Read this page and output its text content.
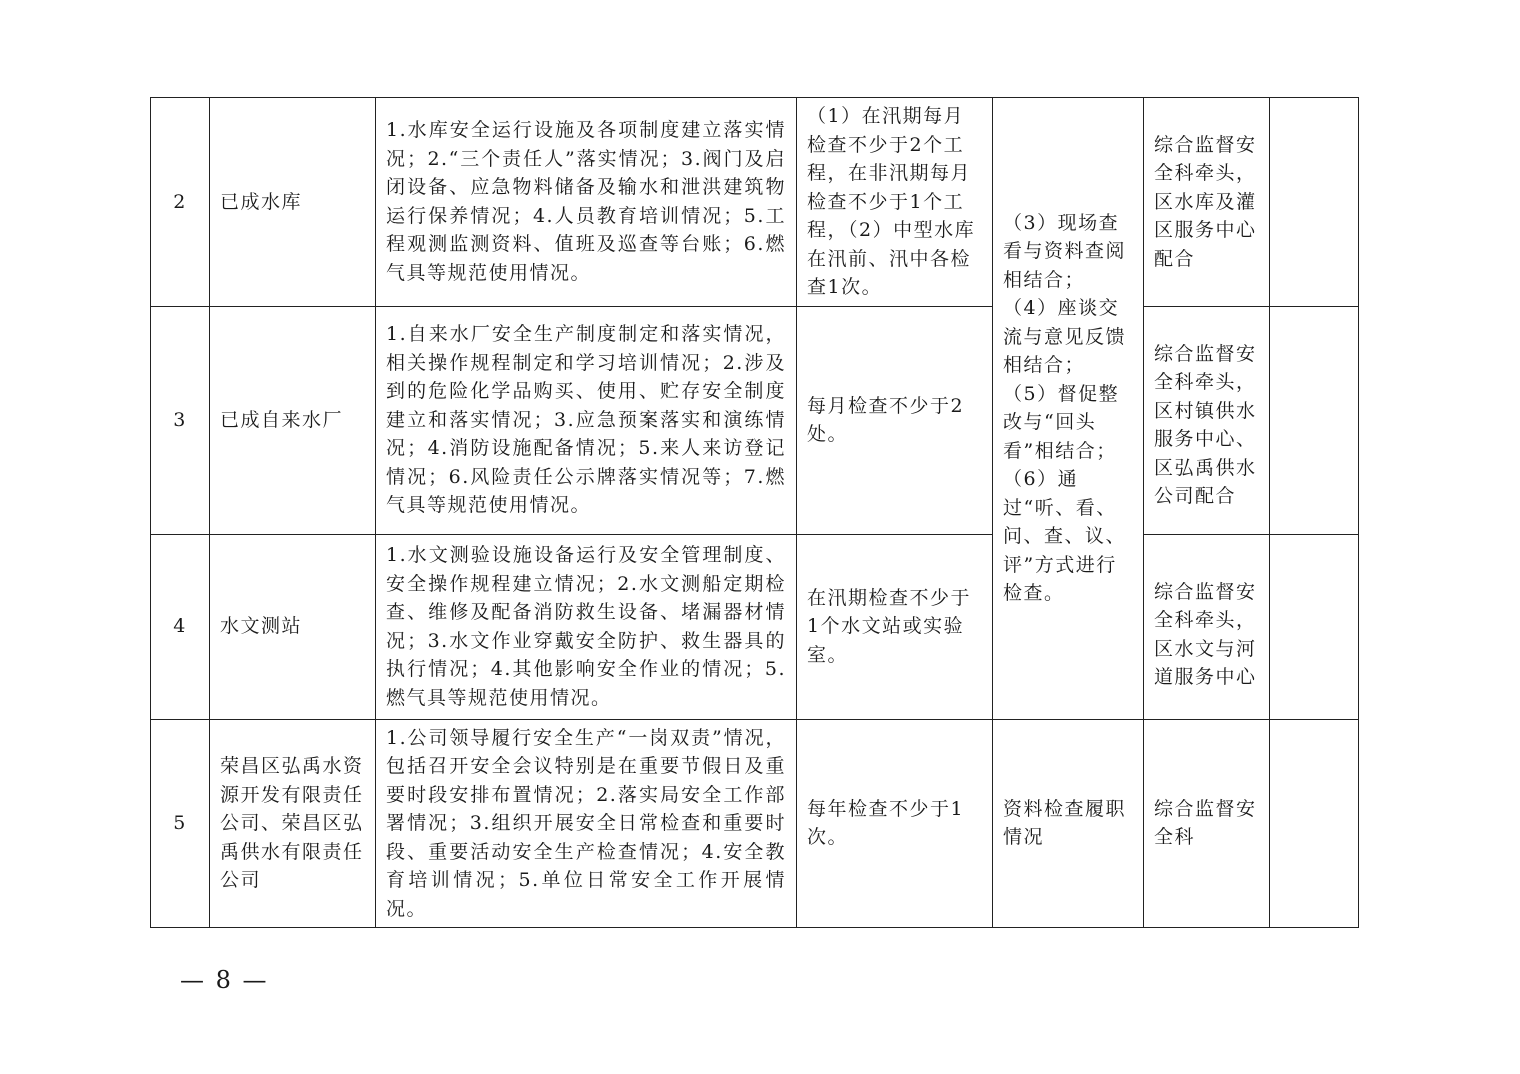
2	已成水库	1.水库安全运行设施及各项制度建立落实情况；2.“三个责任人”落实情况；3.阀门及启闭设备、应急物料储备及输水和泄洪建筑物运行保养情况；4.人员教育培训情况；5.工程观测监测资料、值班及巡查等台账；6.燃气具等规范使用情况。	（1）在汛期每月检查不少于2个工程，在非汛期每月检查不少于1个工程，（2）中型水库在汛前、汛中各检查1次。	（3）现场查看与资料查阅相结合；
（4）座谈交流与意见反馈相结合；
（5）督促整改与“回头看”相结合；（6）通过“听、看、问、查、议、评”方式进行检查。	综合监督安全科牵头，区水库及灌区服务中心配合	

3	已成自来水厂	1.自来水厂安全生产制度制定和落实情况，相关操作规程制定和学习培训情况；2.涉及到的危险化学品购买、使用、贮存安全制度建立和落实情况；3.应急预案落实和演练情况；4.消防设施配备情况；5.来人来访登记情况；6.风险责任公示牌落实情况等；7.燃气具等规范使用情况。	每月检查不少于2处。		综合监督安全科牵头，区村镇供水服务中心、区弘禹供水公司配合	

4	水文测站	1.水文测验设施设备运行及安全管理制度、安全操作规程建立情况；2.水文测船定期检查、维修及配备消防救生设备、堵漏器材情况；3.水文作业穿戴安全防护、救生器具的执行情况；4.其他影响安全作业的情况；5.燃气具等规范使用情况。	在汛期检查不少于1个水文站或实验室。		综合监督安全科牵头，区水文与河道服务中心	

5	荣昌区弘禹水资源开发有限责任公司、荣昌区弘禹供水有限责任公司	1.公司领导履行安全生产“一岗双责”情况，包括召开安全会议特别是在重要节假日及重要时段安排布置情况；2.落实局安全工作部署情况；3.组织开展安全日常检查和重要时段、重要活动安全生产检查情况；4.安全教育培训情况；5.单位日常安全工作开展情况。	每年检查不少于1次。	资料检查履职情况	综合监督安全科	

— 8 —
